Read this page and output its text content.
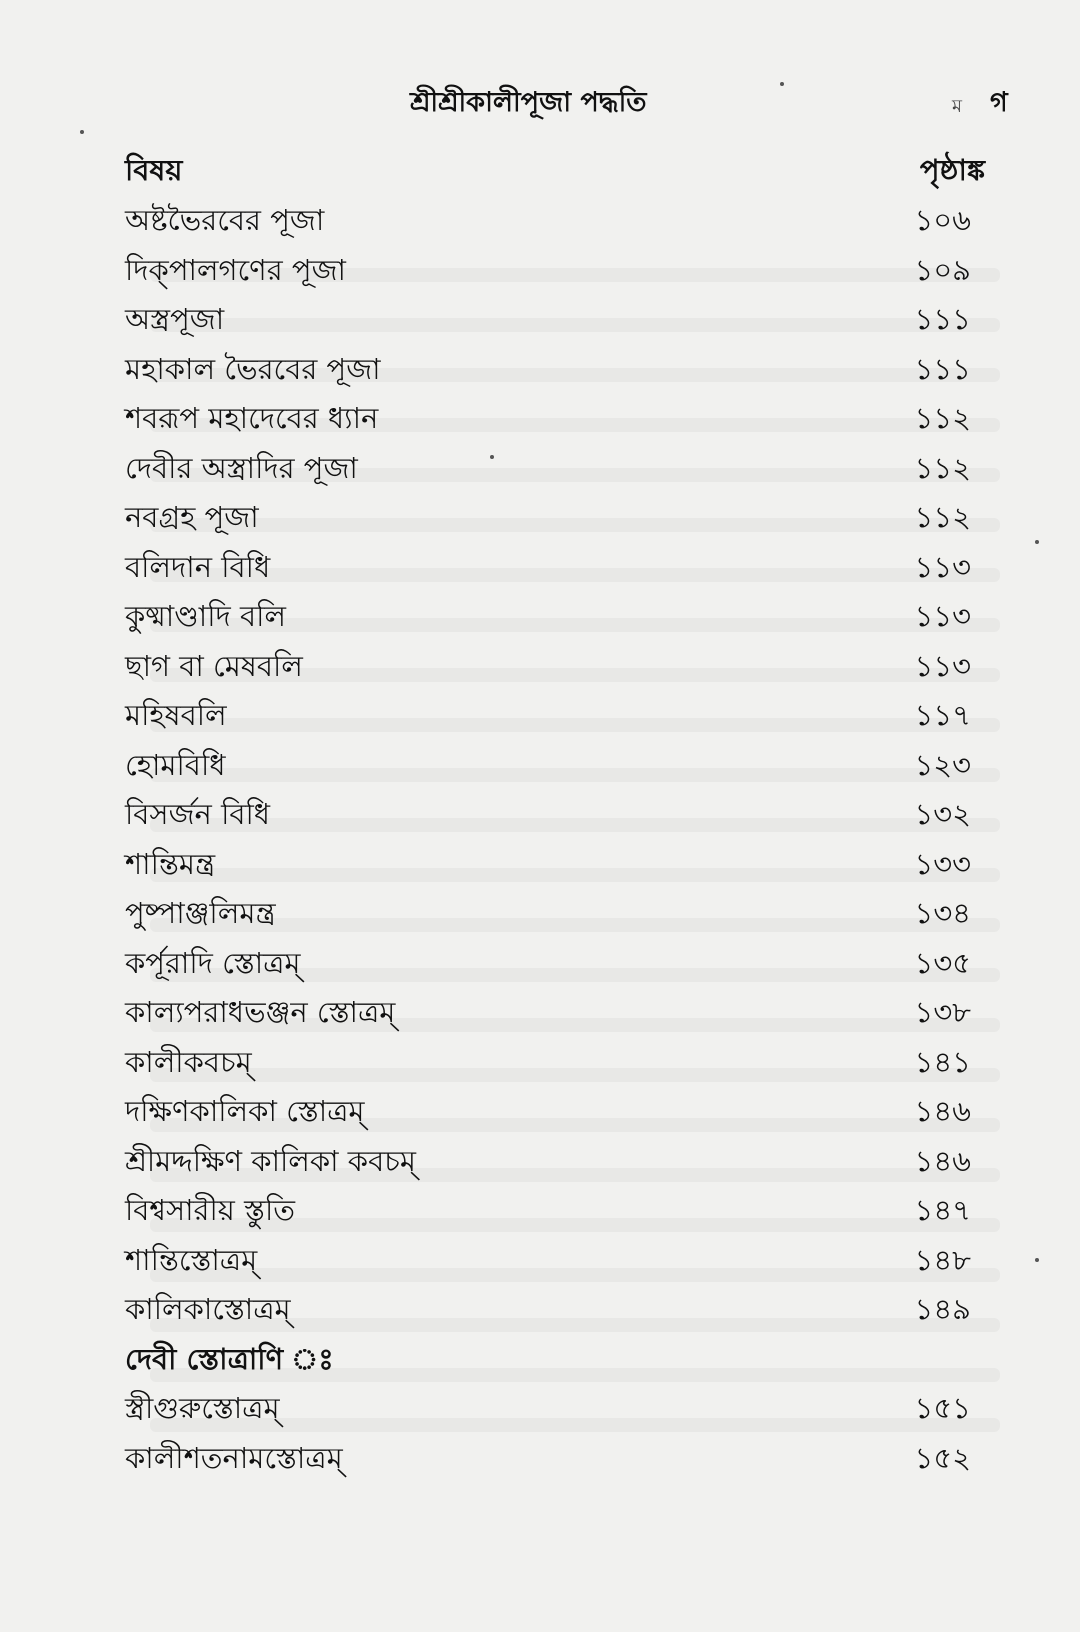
শ্রীশ্রীকালীপূজা পদ্ধতি	ম গ
বিষয়	পৃষ্ঠাঙ্ক
অষ্টভৈরবের পূজা	১০৬
দিক্‌পালগণের পূজা	১০৯
অস্ত্রপূজা	১১১
মহাকাল ভৈরবের পূজা	১১১
শবরূপ মহাদেবের ধ্যান	১১২
দেবীর অস্ত্রাদির পূজা	১১২
নবগ্রহ পূজা	১১২
বলিদান বিধি	১১৩
কুষ্মাণ্ডাদি বলি	১১৩
ছাগ বা মেষবলি	১১৩
মহিষবলি	১১৭
হোমবিধি	১২৩
বিসর্জন বিধি	১৩২
শান্তিমন্ত্র	১৩৩
পুষ্পাঞ্জলিমন্ত্র	১৩৪
কর্পূরাদি স্তোত্রম্‌	১৩৫
কাল্যপরাধভঞ্জন স্তোত্রম্‌	১৩৮
কালীকবচম্‌	১৪১
দক্ষিণকালিকা স্তোত্রম্‌	১৪৬
শ্রীমদ্দক্ষিণ কালিকা কবচম্‌	১৪৬
বিশ্বসারীয় স্তুতি	১৪৭
শান্তিস্তোত্রম্‌	১৪৮
কালিকাস্তোত্রম্‌	১৪৯
দেবী স্তোত্রাণি ঃ
স্ত্রীগুরুস্তোত্রম্‌	১৫১
কালীশতনামস্তোত্রম্‌	১৫২
